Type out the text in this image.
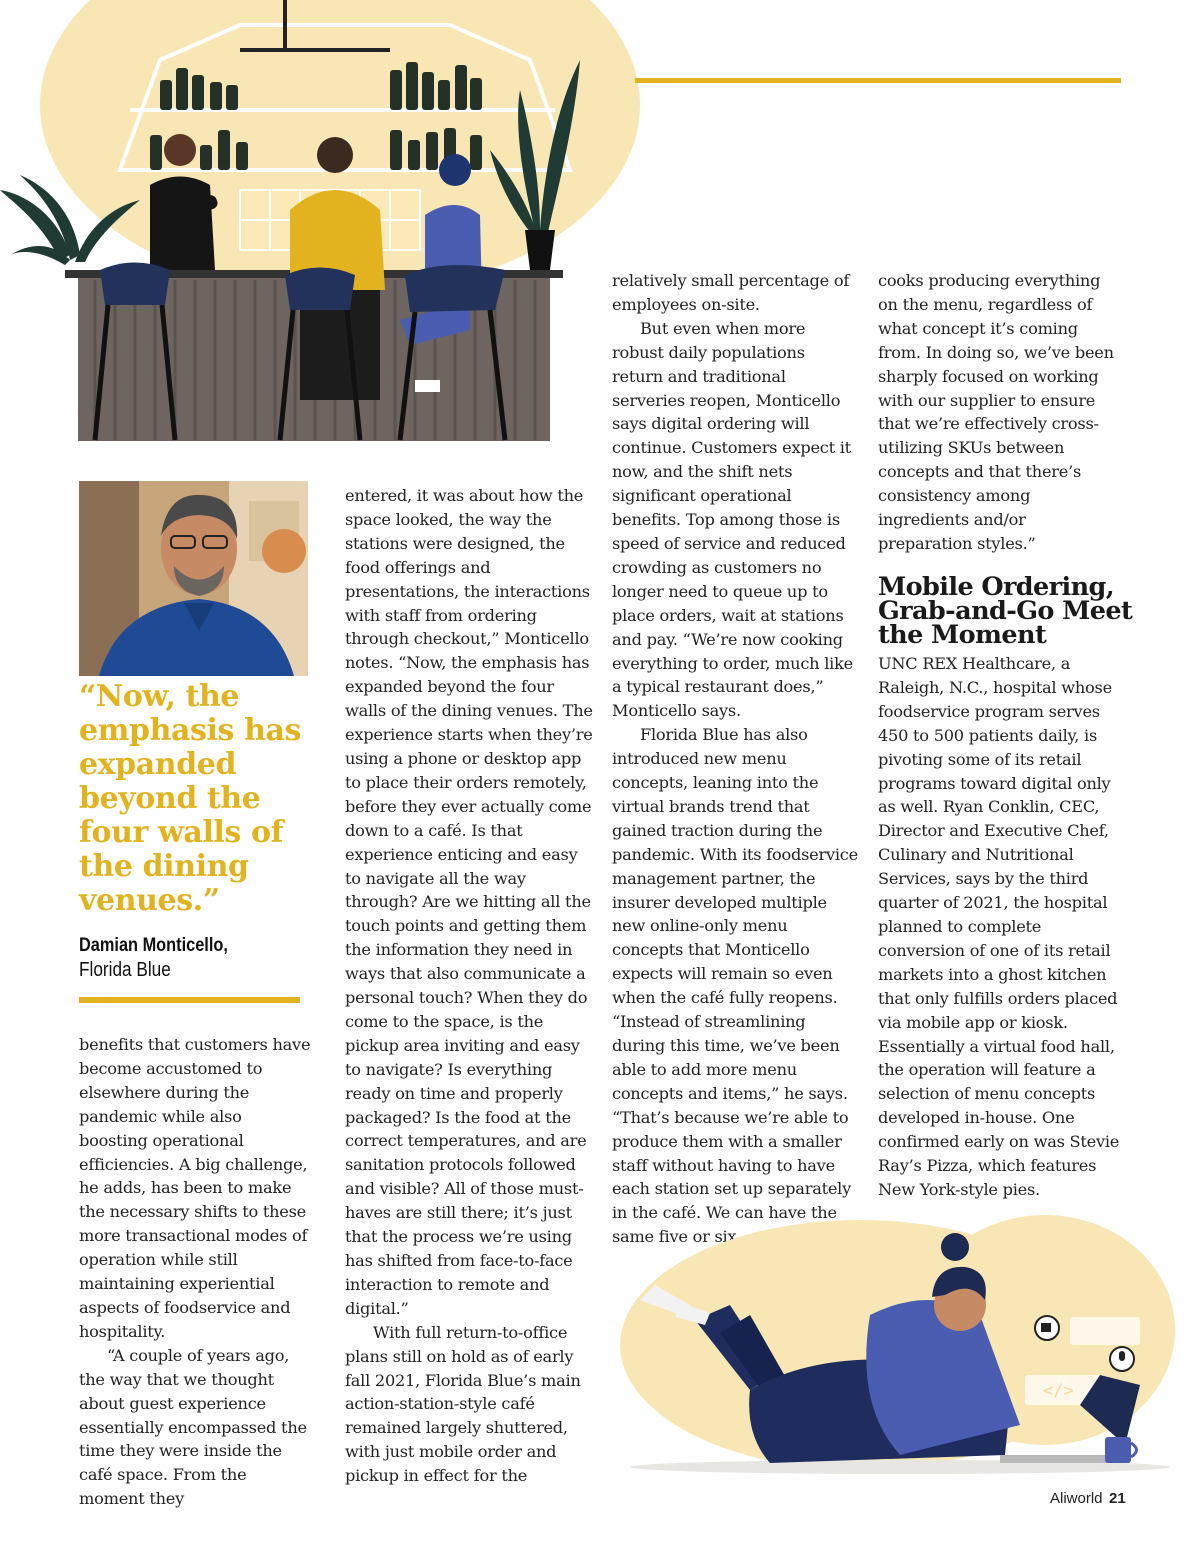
“Now, the emphasis has expanded beyond the four walls of the dining venues.”
Damian Monticello,
Florida Blue

benefits that customers have become accustomed to elsewhere during the pandemic while also boosting operational efficiencies. A big challenge, he adds, has been to make the necessary shifts to these more transactional modes of operation while still maintaining experiential aspects of foodservice and hospitality.

“A couple of years ago, the way that we thought about guest experience essentially encompassed the time they were inside the café space. From the moment they

entered, it was about how the space looked, the way the stations were designed, the food offerings and presentations, the interactions with staff from ordering through checkout,” Monticello notes. “Now, the emphasis has expanded beyond the four walls of the dining venues. The experience starts when they’re using a phone or desktop app to place their orders remotely, before they ever actually come down to a café. Is that experience enticing and easy to navigate all the way through? Are we hitting all the touch points and getting them the information they need in ways that also communicate a personal touch? When they do come to the space, is the pickup area inviting and easy to navigate? Is everything ready on time and properly packaged? Is the food at the correct temperatures, and are sanitation protocols followed and visible? All of those must-haves are still there; it’s just that the process we’re using has shifted from face-to-face interaction to remote and digital.”

With full return-to-office plans still on hold as of early fall 2021, Florida Blue’s main action-station-style café remained largely shuttered, with just mobile order and pickup in effect for the

relatively small percentage of employees on-site.

But even when more robust daily populations return and traditional serveries reopen, Monticello says digital ordering will continue. Customers expect it now, and the shift nets significant operational benefits. Top among those is speed of service and reduced crowding as customers no longer need to queue up to place orders, wait at stations and pay. “We’re now cooking everything to order, much like a typical restaurant does,” Monticello says.

Florida Blue has also introduced new menu concepts, leaning into the virtual brands trend that gained traction during the pandemic. With its foodservice management partner, the insurer developed multiple new online-only menu concepts that Monticello expects will remain so even when the café fully reopens. “Instead of streamlining during this time, we’ve been able to add more menu concepts and items,” he says. “That’s because we’re able to produce them with a smaller staff without having to have each station set up separately in the café. We can have the same five or six

cooks producing everything on the menu, regardless of what concept it’s coming from. In doing so, we’ve been sharply focused on working with our supplier to ensure that we’re effectively cross-utilizing SKUs between concepts and that there’s consistency among ingredients and/or preparation styles.”

Mobile Ordering, Grab-and-Go Meet the Moment

UNC REX Healthcare, a Raleigh, N.C., hospital whose foodservice program serves 450 to 500 patients daily, is pivoting some of its retail programs toward digital only as well. Ryan Conklin, CEC, Director and Executive Chef, Culinary and Nutritional Services, says by the third quarter of 2021, the hospital planned to complete conversion of one of its retail markets into a ghost kitchen that only fulfills orders placed via mobile app or kiosk. Essentially a virtual food hall, the operation will feature a selection of menu concepts developed in-house. One confirmed early on was Stevie Ray’s Pizza, which features New York-style pies.

</>
Aliworld 21
